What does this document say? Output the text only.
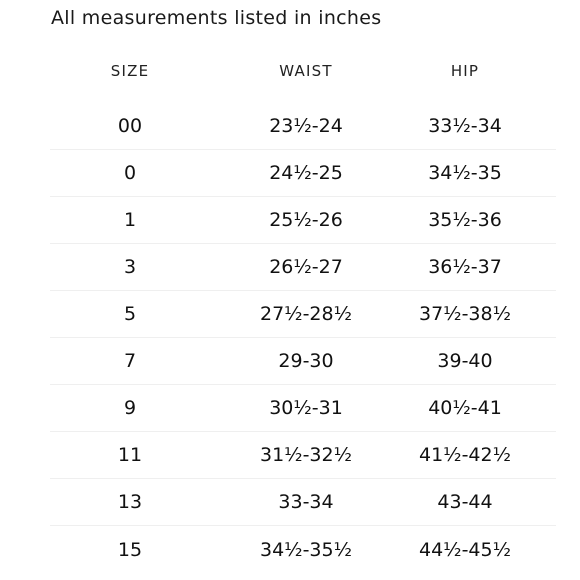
All measurements listed in inches
SIZE	WAIST	HIP
00	23½-24	33½-34
0	24½-25	34½-35
1	25½-26	35½-36
3	26½-27	36½-37
5	27½-28½	37½-38½
7	29-30	39-40
9	30½-31	40½-41
11	31½-32½	41½-42½
13	33-34	43-44
15	34½-35½	44½-45½
